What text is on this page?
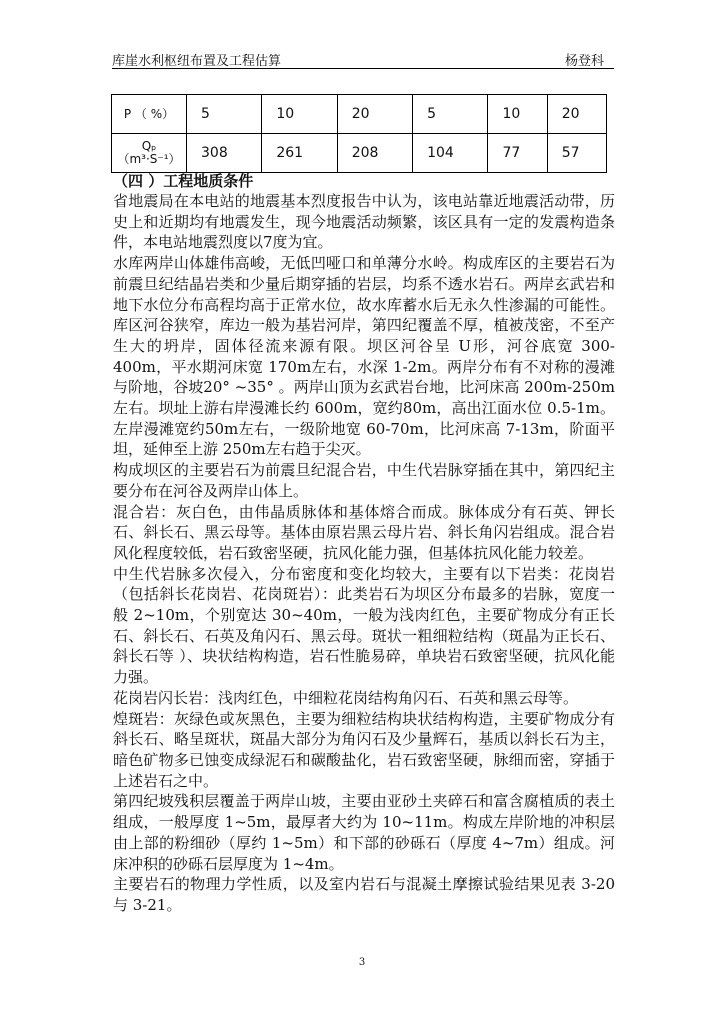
库崖水利枢纽布置及工程估算	杨登科
P （ %）	5	10	20	5	10	20
Qₚ （m³·S⁻¹）	308	261	208	104	77	57
（四 ）工程地质条件

省地震局在本电站的地震基本烈度报告中认为，该电站靠近地震活动带，历史上和近期均有地震发生，现今地震活动频繁，该区具有一定的发震构造条件，本电站地震烈度以7度为宜。

水库两岸山体雄伟高峻，无低凹哑口和单薄分水岭。构成库区的主要岩石为前震旦纪结晶岩类和少量后期穿插的岩层，均系不透水岩石。两岸玄武岩和地下水位分布高程均高于正常水位，故水库蓄水后无永久性渗漏的可能性。库区河谷狭窄，库边一般为基岩河岸，第四纪覆盖不厚，植被茂密，不至产生大的坍岸，固体径流来源有限。坝区河谷呈 U形，河谷底宽 300-400m，平水期河床宽 170m左右，水深 1-2m。两岸分布有不对称的漫滩与阶地，谷坡20° ~35° 。两岸山顶为玄武岩台地，比河床高 200m-250m左右。坝址上游右岸漫滩长约 600m，宽约80m，高出江面水位 0.5-1m。左岸漫滩宽约50m左右，一级阶地宽 60-70m，比河床高 7-13m，阶面平坦，延伸至上游 250m左右趋于尖灭。

构成坝区的主要岩石为前震旦纪混合岩，中生代岩脉穿插在其中，第四纪主要分布在河谷及两岸山体上。

混合岩：灰白色，由伟晶质脉体和基体熔合而成。脉体成分有石英、钾长石、斜长石、黑云母等。基体由原岩黑云母片岩、斜长角闪岩组成。混合岩风化程度较低，岩石致密坚硬，抗风化能力强，但基体抗风化能力较差。

中生代岩脉多次侵入，分布密度和变化均较大，主要有以下岩类：花岗岩（包括斜长花岗岩、花岗斑岩）：此类岩石为坝区分布最多的岩脉，宽度一般 2~10m，个别宽达 30~40m，一般为浅肉红色，主要矿物成分有正长石、斜长石、石英及角闪石、黑云母。斑状一粗细粒结构（斑晶为正长石、斜长石等 ）、块状结构构造，岩石性脆易碎，单块岩石致密坚硬，抗风化能力强。

花岗岩闪长岩：浅肉红色，中细粒花岗结构角闪石、石英和黑云母等。

煌斑岩：灰绿色或灰黑色，主要为细粒结构块状结构构造，主要矿物成分有斜长石、略呈斑状，斑晶大部分为角闪石及少量辉石，基质以斜长石为主，暗色矿物多已蚀变成绿泥石和碳酸盐化，岩石致密坚硬，脉细而密，穿插于上述岩石之中。

第四纪坡残积层覆盖于两岸山坡，主要由亚砂土夹碎石和富含腐植质的表土组成，一般厚度 1~5m，最厚者大约为 10~11m。构成左岸阶地的冲积层由上部的粉细砂（厚约 1~5m）和下部的砂砾石（厚度 4~7m）组成。河床冲积的砂砾石层厚度为 1~4m。

主要岩石的物理力学性质，以及室内岩石与混凝土摩擦试验结果见表 3-20与 3-21。

3
